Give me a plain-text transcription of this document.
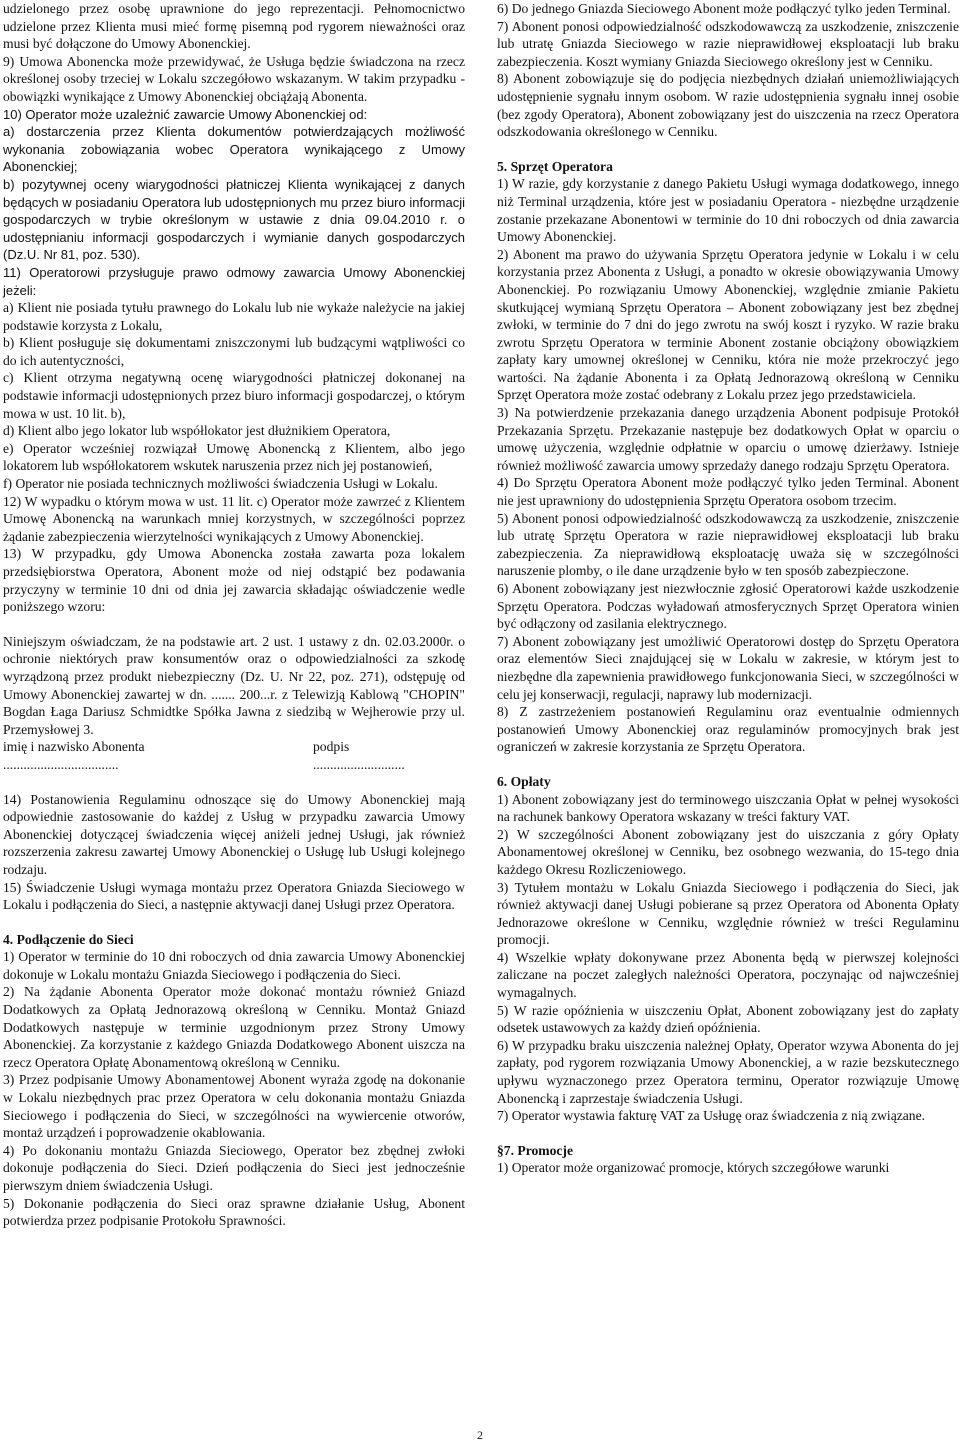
udzielonego przez osobę uprawnione do jego reprezentacji. Pełnomocnictwo udzielone przez Klienta musi mieć formę pisemną pod rygorem nieważności oraz musi być dołączone do Umowy Abonenckiej.

9) Umowa Abonencka może przewidywać, że Usługa będzie świadczona na rzecz określonej osoby trzeciej w Lokalu szczegółowo wskazanym. W takim przypadku - obowiązki wynikające z Umowy Abonenckiej obciążają Abonenta.

10) Operator może uzależnić zawarcie Umowy Abonenckiej od:

a) dostarczenia przez Klienta dokumentów potwierdzających możliwość wykonania zobowiązania wobec Operatora wynikającego z Umowy Abonenckiej;

b) pozytywnej oceny wiarygodności płatniczej Klienta wynikającej z danych będących w posiadaniu Operatora lub udostępnionych mu przez biuro informacji gospodarczych w trybie określonym w ustawie z dnia 09.04.2010 r. o udostępnianiu informacji gospodarczych i wymianie danych gospodarczych (Dz.U. Nr 81, poz. 530).

11) Operatorowi przysługuje prawo odmowy zawarcia Umowy Abonenckiej jeżeli:

a) Klient nie posiada tytułu prawnego do Lokalu lub nie wykaże należycie na jakiej podstawie korzysta z Lokalu,

b) Klient posługuje się dokumentami zniszczonymi lub budzącymi wątpliwości co do ich autentyczności,

c) Klient otrzyma negatywną ocenę wiarygodności płatniczej dokonanej na podstawie informacji udostępnionych przez biuro informacji gospodarczej, o którym mowa w ust. 10 lit. b),

d) Klient albo jego lokator lub współlokator jest dłużnikiem Operatora,

e) Operator wcześniej rozwiązał Umowę Abonencką z Klientem, albo jego lokatorem lub współlokatorem wskutek naruszenia przez nich jej postanowień,

f) Operator nie posiada technicznych możliwości świadczenia Usługi w Lokalu.

12) W wypadku o którym mowa w ust. 11 lit. c) Operator może zawrzeć z Klientem Umowę Abonencką na warunkach mniej korzystnych, w szczególności poprzez żądanie zabezpieczenia wierzytelności wynikających z Umowy Abonenckiej.

13) W przypadku, gdy Umowa Abonencka została zawarta poza lokalem przedsiębiorstwa Operatora, Abonent może od niej odstąpić bez podawania przyczyny w terminie 10 dni od dnia jej zawarcia składając oświadczenie wedle poniższego wzoru:

Niniejszym oświadczam, że na podstawie art. 2 ust. 1 ustawy z dn. 02.03.2000r. o ochronie niektórych praw konsumentów oraz o odpowiedzialności za szkodę wyrządzoną przez produkt niebezpieczny (Dz. U. Nr 22, poz. 271), odstępuję od Umowy Abonenckiej zawartej w dn. ....... 200...r. z Telewizją Kablową "CHOPIN" Bogdan Łaga Dariusz Schmidtke Spółka Jawna z siedzibą w Wejherowie przy ul. Przemysłowej 3.

imię i nazwisko Abonenta	podpis
..................................	...........................

14) Postanowienia Regulaminu odnoszące się do Umowy Abonenckiej mają odpowiednie zastosowanie do każdej z Usług w przypadku zawarcia Umowy Abonenckiej dotyczącej świadczenia więcej aniżeli jednej Usługi, jak również rozszerzenia zakresu zawartej Umowy Abonenckiej o Usługę lub Usługi kolejnego rodzaju.

15) Świadczenie Usługi wymaga montażu przez Operatora Gniazda Sieciowego w Lokalu i podłączenia do Sieci, a następnie aktywacji danej Usługi przez Operatora.

4. Podłączenie do Sieci

1) Operator w terminie do 10 dni roboczych od dnia zawarcia Umowy Abonenckiej dokonuje w Lokalu montażu Gniazda Sieciowego i podłączenia do Sieci.

2) Na żądanie Abonenta Operator może dokonać montażu również Gniazd Dodatkowych za Opłatą Jednorazową określoną w Cenniku. Montaż Gniazd Dodatkowych następuje w terminie uzgodnionym przez Strony Umowy Abonenckiej. Za korzystanie z każdego Gniazda Dodatkowego Abonent uiszcza na rzecz Operatora Opłatę Abonamentową określoną w Cenniku.

3) Przez podpisanie Umowy Abonamentowej Abonent wyraża zgodę na dokonanie w Lokalu niezbędnych prac przez Operatora w celu dokonania montażu Gniazda Sieciowego i podłączenia do Sieci, w szczególności na wywiercenie otworów, montaż urządzeń i poprowadzenie okablowania.

4) Po dokonaniu montażu Gniazda Sieciowego, Operator bez zbędnej zwłoki dokonuje podłączenia do Sieci. Dzień podłączenia do Sieci jest jednocześnie pierwszym dniem świadczenia Usługi.

5) Dokonanie podłączenia do Sieci oraz sprawne działanie Usług, Abonent potwierdza przez podpisanie Protokołu Sprawności.

6) Do jednego Gniazda Sieciowego Abonent może podłączyć tylko jeden Terminal.

7) Abonent ponosi odpowiedzialność odszkodowawczą za uszkodzenie, zniszczenie lub utratę Gniazda Sieciowego w razie nieprawidłowej eksploatacji lub braku zabezpieczenia. Koszt wymiany Gniazda Sieciowego określony jest w Cenniku.

8) Abonent zobowiązuje się do podjęcia niezbędnych działań uniemożliwiających udostępnienie sygnału innym osobom. W razie udostępnienia sygnału innej osobie (bez zgody Operatora), Abonent zobowiązany jest do uiszczenia na rzecz Operatora odszkodowania określonego w Cenniku.

5. Sprzęt Operatora

1) W razie, gdy korzystanie z danego Pakietu Usługi wymaga dodatkowego, innego niż Terminal urządzenia, które jest w posiadaniu Operatora - niezbędne urządzenie zostanie przekazane Abonentowi w terminie do 10 dni roboczych od dnia zawarcia Umowy Abonenckiej.

2) Abonent ma prawo do używania Sprzętu Operatora jedynie w Lokalu i w celu korzystania przez Abonenta z Usługi, a ponadto w okresie obowiązywania Umowy Abonenckiej. Po rozwiązaniu Umowy Abonenckiej, względnie zmianie Pakietu skutkującej wymianą Sprzętu Operatora – Abonent zobowiązany jest bez zbędnej zwłoki, w terminie do 7 dni do jego zwrotu na swój koszt i ryzyko. W razie braku zwrotu Sprzętu Operatora w terminie Abonent zostanie obciążony obowiązkiem zapłaty kary umownej określonej w Cenniku, która nie może przekroczyć jego wartości. Na żądanie Abonenta i za Opłatą Jednorazową określoną w Cenniku Sprzęt Operatora może zostać odebrany z Lokalu przez jego przedstawiciela.

3) Na potwierdzenie przekazania danego urządzenia Abonent podpisuje Protokół Przekazania Sprzętu. Przekazanie następuje bez dodatkowych Opłat w oparciu o umowę użyczenia, względnie odpłatnie w oparciu o umowę dzierżawy. Istnieje również możliwość zawarcia umowy sprzedaży danego rodzaju Sprzętu Operatora.

4) Do Sprzętu Operatora Abonent może podłączyć tylko jeden Terminal. Abonent nie jest uprawniony do udostępnienia Sprzętu Operatora osobom trzecim.

5) Abonent ponosi odpowiedzialność odszkodowawczą za uszkodzenie, zniszczenie lub utratę Sprzętu Operatora w razie nieprawidłowej eksploatacji lub braku zabezpieczenia. Za nieprawidłową eksploatację uważa się w szczególności naruszenie plomby, o ile dane urządzenie było w ten sposób zabezpieczone.

6) Abonent zobowiązany jest niezwłocznie zgłosić Operatorowi każde uszkodzenie Sprzętu Operatora. Podczas wyładowań atmosferycznych Sprzęt Operatora winien być odłączony od zasilania elektrycznego.

7) Abonent zobowiązany jest umożliwić Operatorowi dostęp do Sprzętu Operatora oraz elementów Sieci znajdującej się w Lokalu w zakresie, w którym jest to niezbędne dla zapewnienia prawidłowego funkcjonowania Sieci, w szczególności w celu jej konserwacji, regulacji, naprawy lub modernizacji.

8) Z zastrzeżeniem postanowień Regulaminu oraz eventualnie odmiennych postanowień Umowy Abonenckiej oraz regulaminów promocyjnych brak jest ograniczeń w zakresie korzystania ze Sprzętu Operatora.

6. Opłaty

1) Abonent zobowiązany jest do terminowego uiszczania Opłat w pełnej wysokości na rachunek bankowy Operatora wskazany w treści faktury VAT.

2) W szczególności Abonent zobowiązany jest do uiszczania z góry Opłaty Abonamentowej określonej w Cenniku, bez osobnego wezwania, do 15-tego dnia każdego Okresu Rozliczeniowego.

3) Tytułem montażu w Lokalu Gniazda Sieciowego i podłączenia do Sieci, jak również aktywacji danej Usługi pobierane są przez Operatora od Abonenta Opłaty Jednorazowe określone w Cenniku, względnie również w treści Regulaminu promocji.

4) Wszelkie wpłaty dokonywane przez Abonenta będą w pierwszej kolejności zaliczane na poczet zaległych należności Operatora, poczynając od najwcześniej wymagalnych.

5) W razie opóźnienia w uiszczeniu Opłat, Abonent zobowiązany jest do zapłaty odsetek ustawowych za każdy dzień opóźnienia.

6) W przypadku braku uiszczenia należnej Opłaty, Operator wzywa Abonenta do jej zapłaty, pod rygorem rozwiązania Umowy Abonenckiej, a w razie bezskutecznego upływu wyznaczonego przez Operatora terminu, Operator rozwiązuje Umowę Abonencką i zaprzestaje świadczenia Usługi.

7) Operator wystawia fakturę VAT za Usługę oraz świadczenia z nią związane.

§7. Promocje

1) Operator może organizować promocje, których szczegółowe warunki

2
